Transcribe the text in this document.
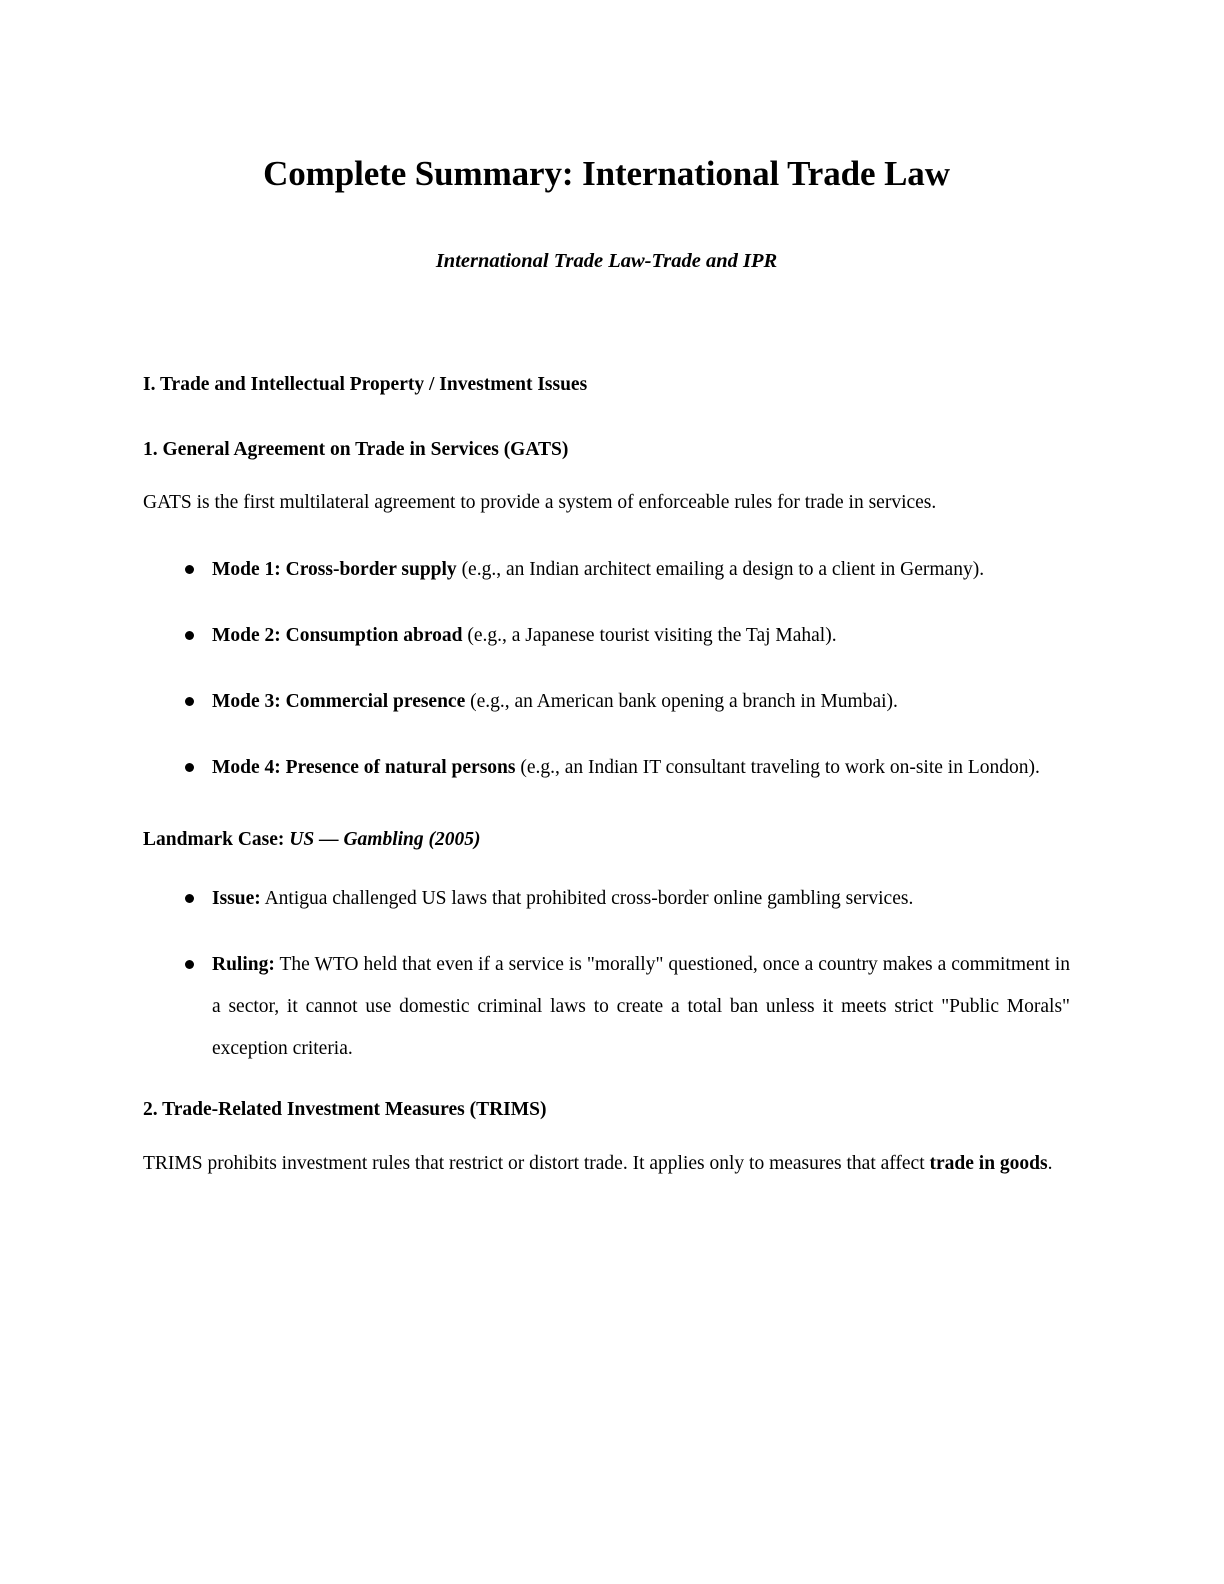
Complete Summary: International Trade Law

International Trade Law-Trade and IPR

I. Trade and Intellectual Property / Investment Issues
1. General Agreement on Trade in Services (GATS)

GATS is the first multilateral agreement to provide a system of enforceable rules for trade in services.

Mode 1: Cross-border supply (e.g., an Indian architect emailing a design to a client in Germany).
Mode 2: Consumption abroad (e.g., a Japanese tourist visiting the Taj Mahal).
Mode 3: Commercial presence (e.g., an American bank opening a branch in Mumbai).
Mode 4: Presence of natural persons (e.g., an Indian IT consultant traveling to work on-site in London).
Landmark Case: US — Gambling (2005)
Issue: Antigua challenged US laws that prohibited cross-border online gambling services.
Ruling: The WTO held that even if a service is "morally" questioned, once a country makes a commitment in a sector, it cannot use domestic criminal laws to create a total ban unless it meets strict "Public Morals" exception criteria.
2. Trade-Related Investment Measures (TRIMS)

TRIMS prohibits investment rules that restrict or distort trade. It applies only to measures that affect trade in goods.
